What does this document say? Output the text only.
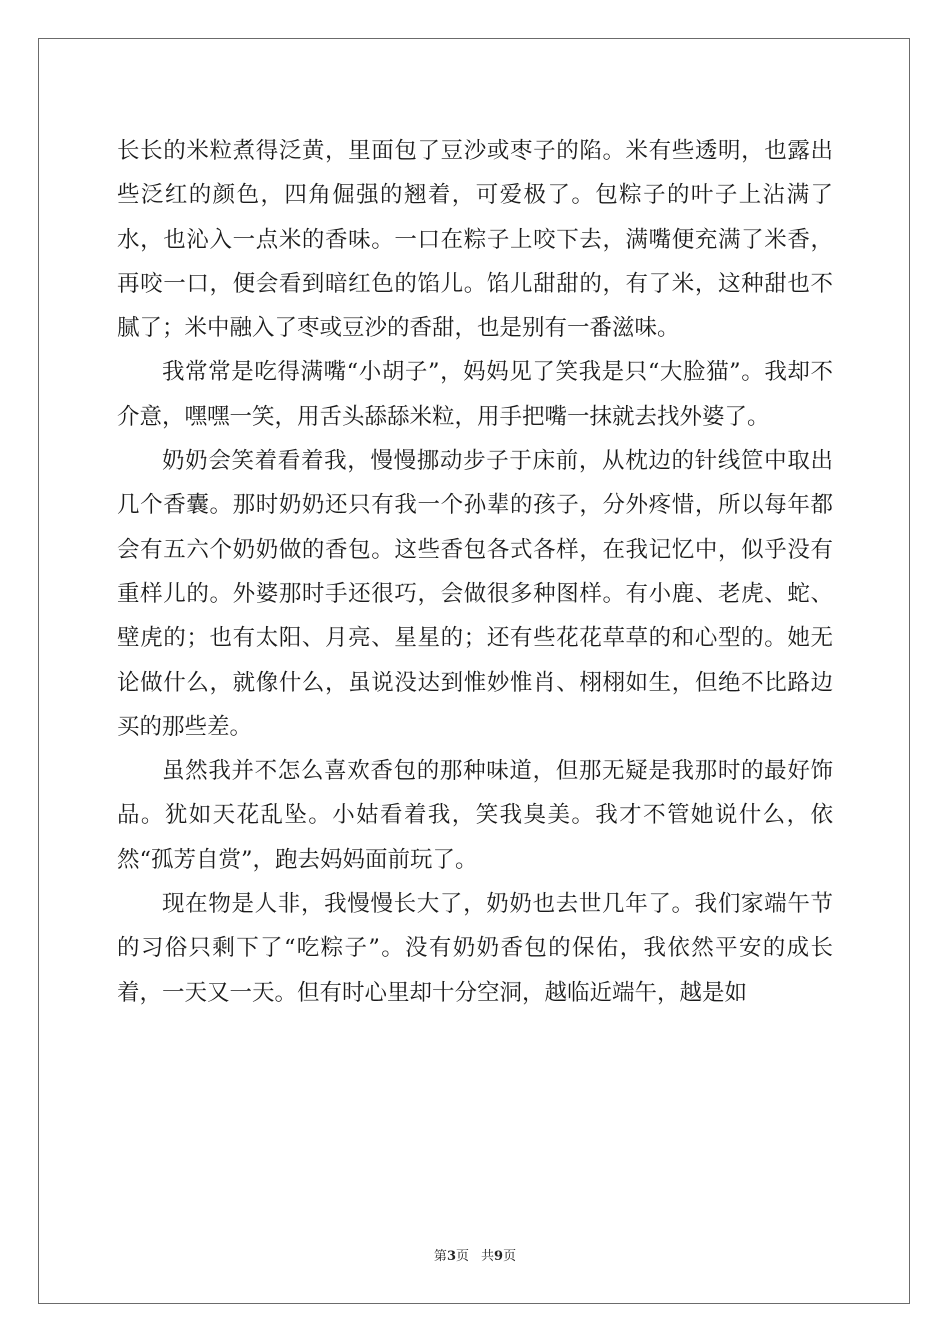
长长的米粒煮得泛黄，里面包了豆沙或枣子的陷。米有些透明，也露出些泛红的颜色，四角倔强的翘着，可爱极了。包粽子的叶子上沾满了水，也沁入一点米的香味。一口在粽子上咬下去，满嘴便充满了米香，再咬一口，便会看到暗红色的馅儿。馅儿甜甜的，有了米，这种甜也不腻了；米中融入了枣或豆沙的香甜，也是别有一番滋味。

我常常是吃得满嘴“小胡子”，妈妈见了笑我是只“大脸猫”。我却不介意，嘿嘿一笑，用舌头舔舔米粒，用手把嘴一抹就去找外婆了。

奶奶会笑着看着我，慢慢挪动步子于床前，从枕边的针线笸中取出几个香囊。那时奶奶还只有我一个孙辈的孩子，分外疼惜，所以每年都会有五六个奶奶做的香包。这些香包各式各样，在我记忆中，似乎没有重样儿的。外婆那时手还很巧，会做很多种图样。有小鹿、老虎、蛇、壁虎的；也有太阳、月亮、星星的；还有些花花草草的和心型的。她无论做什么，就像什么，虽说没达到惟妙惟肖、栩栩如生，但绝不比路边买的那些差。

虽然我并不怎么喜欢香包的那种味道，但那无疑是我那时的最好饰品。犹如天花乱坠。小姑看着我，笑我臭美。我才不管她说什么，依然“孤芳自赏”，跑去妈妈面前玩了。

现在物是人非，我慢慢长大了，奶奶也去世几年了。我们家端午节的习俗只剩下了“吃粽子”。没有奶奶香包的保佑，我依然平安的成长着，一天又一天。但有时心里却十分空洞，越临近端午，越是如

第3页 共9页
